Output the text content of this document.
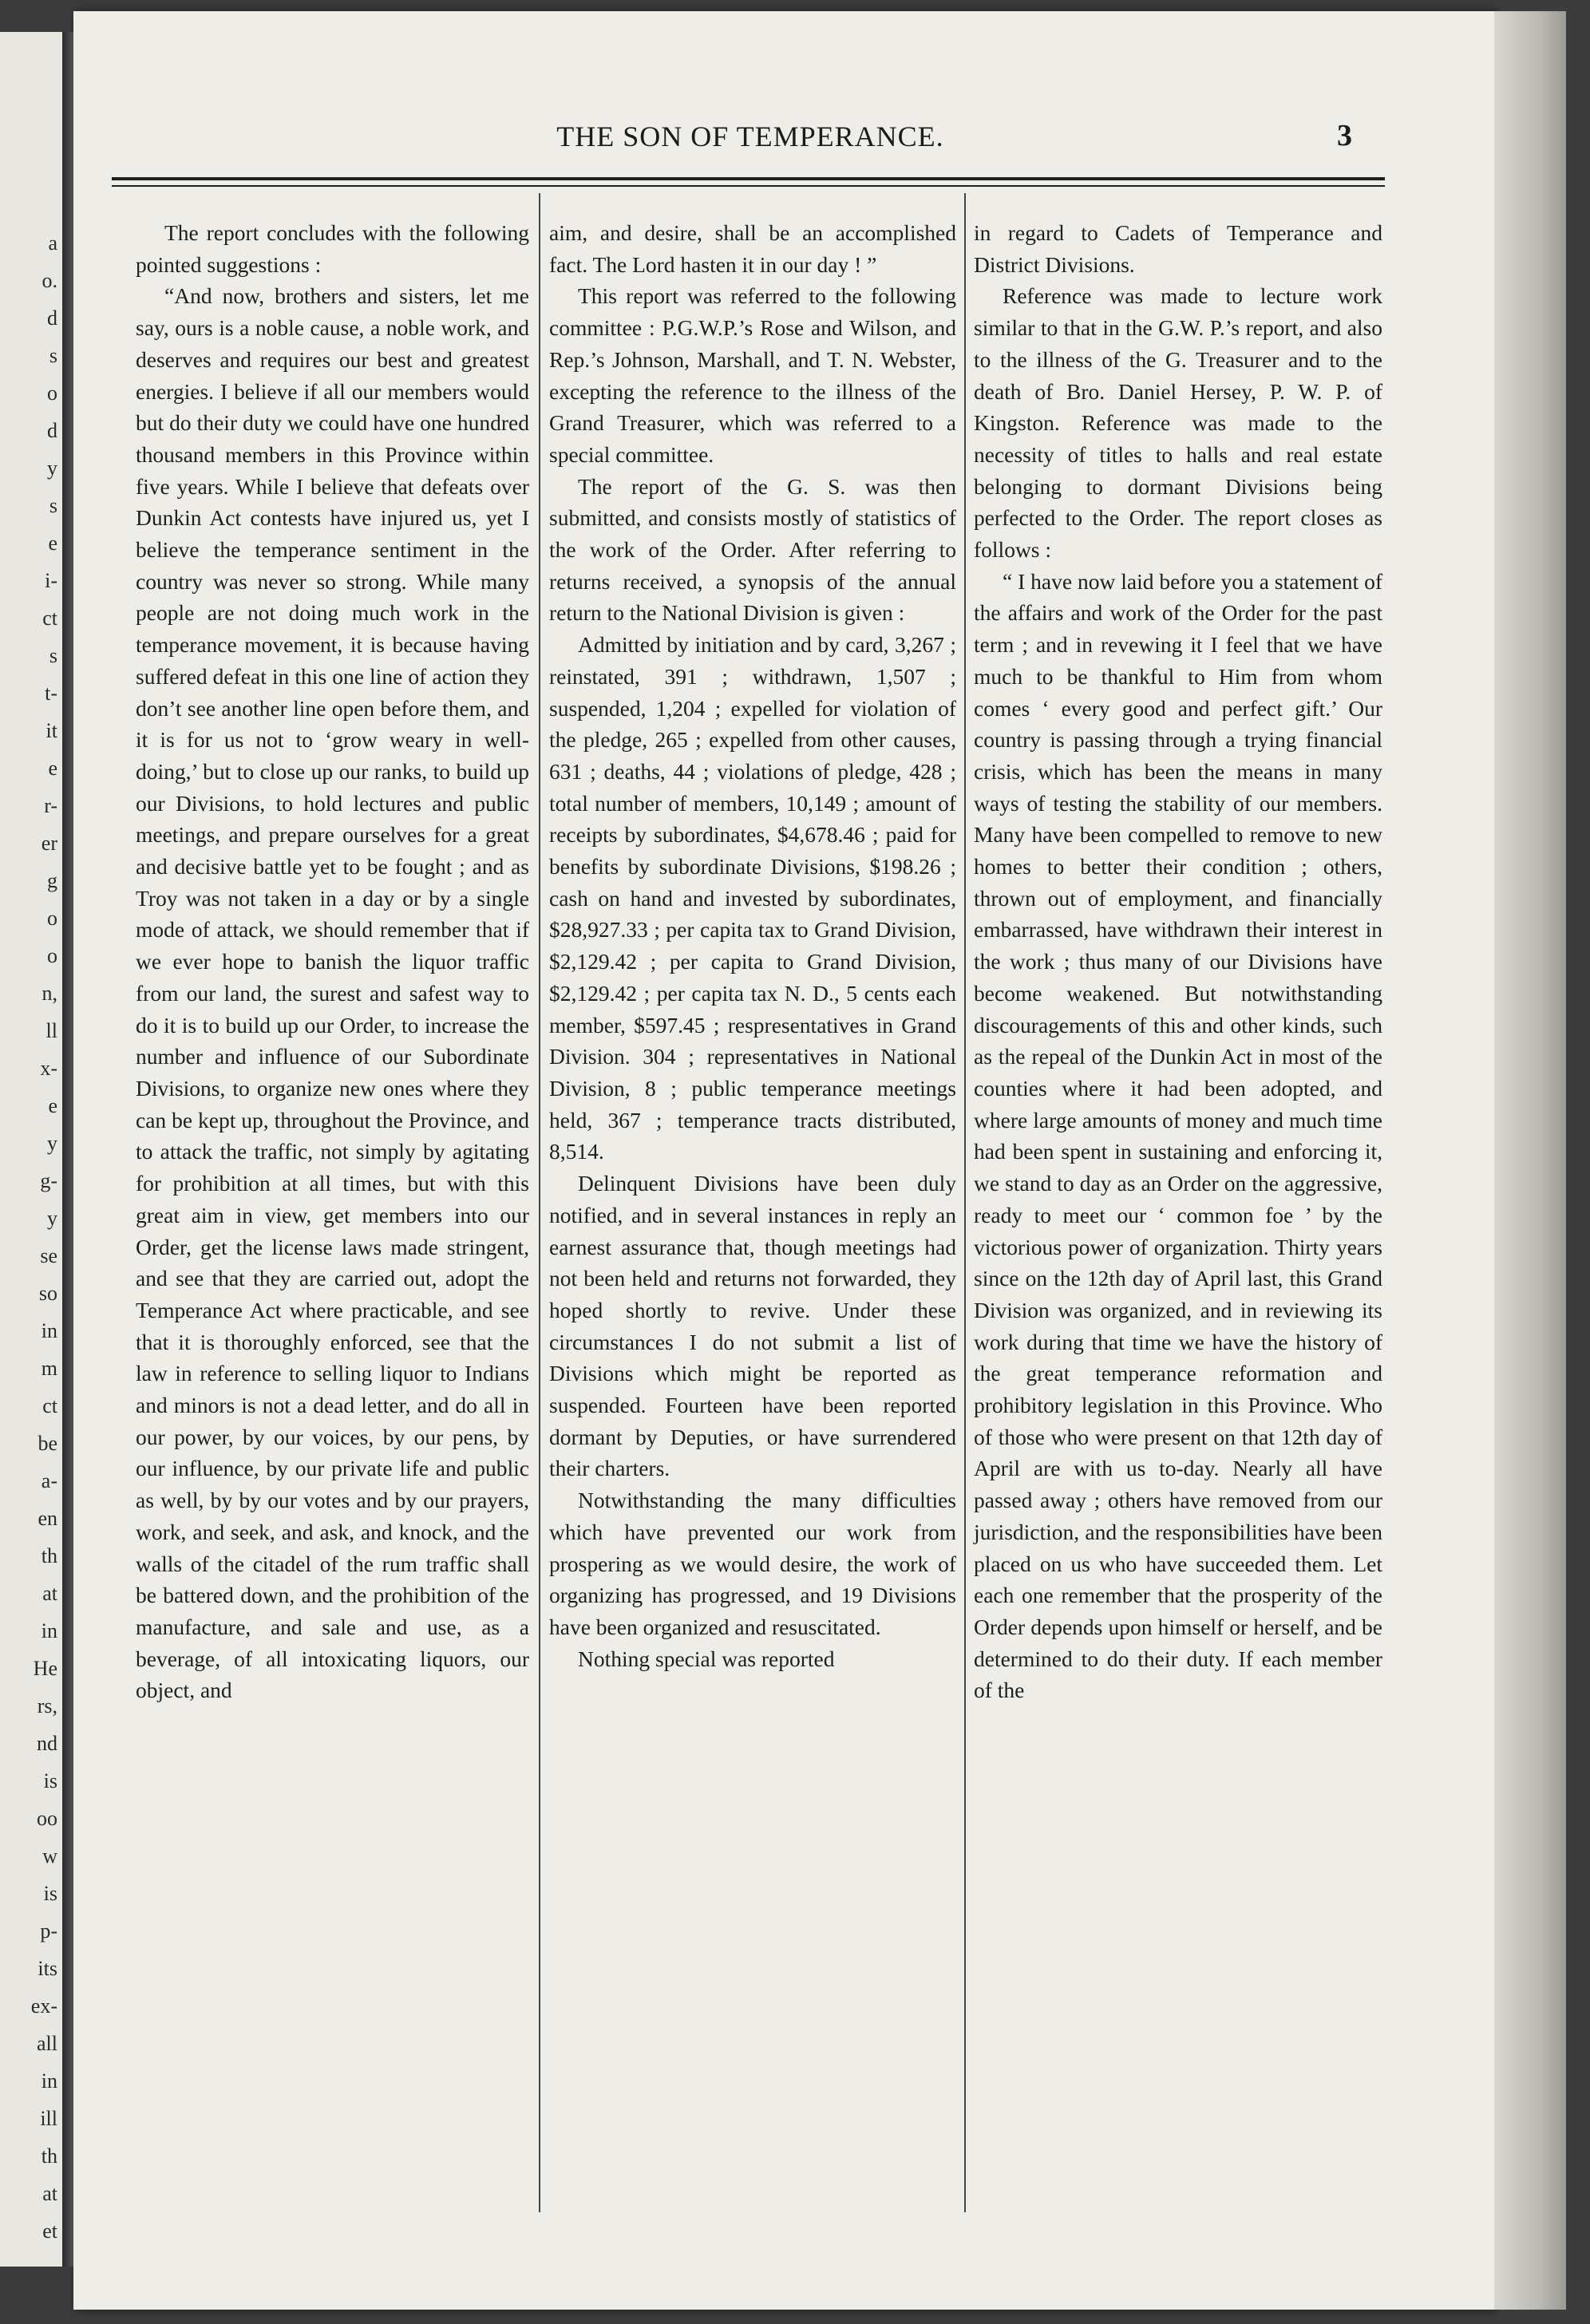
a
o.
d
s
o
d
y
s
e
i-
ct
s
t-
it
e
r-
er
g
o
o
n,
ll
x-
e
y
g-
y
se
so
in
m
ct
be
a-
en
th
at
in
He
rs,
nd
is
oo
w
is
p-
its
ex-
all
in
ill
th
at
et
THE SON OF TEMPERANCE.	3

The report concludes with the following pointed suggestions :

“And now, brothers and sisters, let me say, ours is a noble cause, a noble work, and deserves and requires our best and greatest energies. I believe if all our members would but do their duty we could have one hundred thousand members in this Province within five years. While I believe that defeats over Dunkin Act contests have injured us, yet I believe the temperance sentiment in the country was never so strong. While many people are not doing much work in the temperance movement, it is because having suffered defeat in this one line of action they don’t see another line open before them, and it is for us not to ‘grow weary in well-doing,’ but to close up our ranks, to build up our Divisions, to hold lectures and public meetings, and prepare ourselves for a great and decisive battle yet to be fought ; and as Troy was not taken in a day or by a single mode of attack, we should remember that if we ever hope to banish the liquor traffic from our land, the surest and safest way to do it is to build up our Order, to increase the number and influence of our Subordinate Divisions, to organize new ones where they can be kept up, throughout the Province, and to attack the traffic, not simply by agitating for prohibition at all times, but with this great aim in view, get members into our Order, get the license laws made stringent, and see that they are carried out, adopt the Temperance Act where practicable, and see that it is thoroughly enforced, see that the law in reference to selling liquor to Indians and minors is not a dead letter, and do all in our power, by our voices, by our pens, by our influence, by our private life and public as well, by by our votes and by our prayers, work, and seek, and ask, and knock, and the walls of the citadel of the rum traffic shall be battered down, and the prohibition of the manufacture, and sale and use, as a beverage, of all intoxicating liquors, our object, and

aim, and desire, shall be an accomplished fact. The Lord hasten it in our day ! ”

This report was referred to the following committee : P.G.W.P.’s Rose and Wilson, and Rep.’s Johnson, Marshall, and T. N. Webster, excepting the reference to the illness of the Grand Treasurer, which was referred to a special committee.

The report of the G. S. was then submitted, and consists mostly of statistics of the work of the Order. After referring to returns received, a synopsis of the annual return to the National Division is given :

Admitted by initiation and by card, 3,267 ; reinstated, 391 ; withdrawn, 1,507 ; suspended, 1,204 ; expelled for violation of the pledge, 265 ; expelled from other causes, 631 ; deaths, 44 ; violations of pledge, 428 ; total number of members, 10,149 ; amount of receipts by subordinates, $4,678.46 ; paid for benefits by subordinate Divisions, $198.26 ; cash on hand and invested by subordinates, $28,927.33 ; per capita tax to Grand Division, $2,129.42 ; per capita to Grand Division, $2,129.42 ; per capita tax N. D., 5 cents each member, $597.45 ; respresentatives in Grand Division. 304 ; representatives in National Division, 8 ; public temperance meetings held, 367 ; temperance tracts distributed, 8,514.

Delinquent Divisions have been duly notified, and in several instances in reply an earnest assurance that, though meetings had not been held and returns not forwarded, they hoped shortly to revive. Under these circumstances I do not submit a list of Divisions which might be reported as suspended. Fourteen have been reported dormant by Deputies, or have surrendered their charters.

Notwithstanding the many difficulties which have prevented our work from prospering as we would desire, the work of organizing has progressed, and 19 Divisions have been organized and resuscitated.

Nothing special was reported

in regard to Cadets of Temperance and District Divisions.

Reference was made to lecture work similar to that in the G.W. P.’s report, and also to the illness of the G. Treasurer and to the death of Bro. Daniel Hersey, P. W. P. of Kingston. Reference was made to the necessity of titles to halls and real estate belonging to dormant Divisions being perfected to the Order. The report closes as follows :

“ I have now laid before you a statement of the affairs and work of the Order for the past term ; and in revewing it I feel that we have much to be thankful to Him from whom comes ‘ every good and perfect gift.’ Our country is passing through a trying financial crisis, which has been the means in many ways of testing the stability of our members. Many have been compelled to remove to new homes to better their condition ; others, thrown out of employment, and financially embarrassed, have withdrawn their interest in the work ; thus many of our Divisions have become weakened. But notwithstanding discouragements of this and other kinds, such as the repeal of the Dunkin Act in most of the counties where it had been adopted, and where large amounts of money and much time had been spent in sustaining and enforcing it, we stand to day as an Order on the aggressive, ready to meet our ‘ common foe ’ by the victorious power of organization. Thirty years since on the 12th day of April last, this Grand Division was organized, and in reviewing its work during that time we have the history of the great temperance reformation and prohibitory legislation in this Province. Who of those who were present on that 12th day of April are with us to-day. Nearly all have passed away ; others have removed from our jurisdiction, and the responsibilities have been placed on us who have succeeded them. Let each one remember that the prosperity of the Order depends upon himself or herself, and be determined to do their duty. If each member of the
